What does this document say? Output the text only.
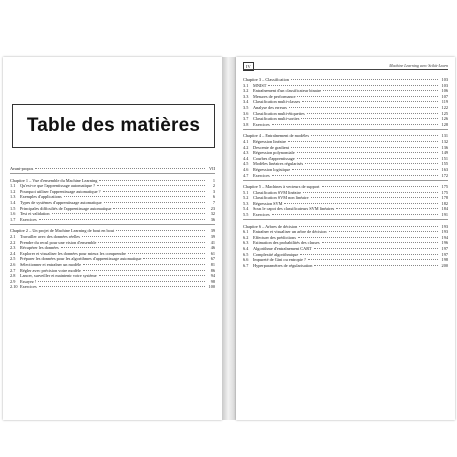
Table des matières
Avant-propos	VII
Chapitre 1 – Vue d'ensemble du Machine Learning	1
1.1	Qu'est-ce que l'apprentissage automatique ?	2
1.2	Pourquoi utiliser l'apprentissage automatique ?	3
1.3	Exemples d'applications	6
1.4	Types de systèmes d'apprentissage automatique	7
1.5	Principales difficultés de l'apprentissage automatique	23
1.6	Test et validation	32
1.7	Exercices	36
Chapitre 2 – Un projet de Machine Learning de bout en bout	39
2.1	Travailler avec des données réelles	39
2.2	Prendre du recul pour une vision d'ensemble	41
2.3	Récupérer les données	46
2.4	Explorer et visualiser les données pour mieux les comprendre	61
2.5	Préparer les données pour les algorithmes d'apprentissage automatique	67
2.6	Sélectionner et entraîner un modèle	81
2.7	Régler avec précision votre modèle	86
2.8	Lancer, surveiller et maintenir votre système	94
2.9	Essayez !	98
2.10 Exercices	100
IV	Machine Learning avec Scikit-Learn
Chapitre 3 – Classification	103
3.1	MNIST	103
3.2	Entraînement d'un classificateur binaire	106
3.3	Mesures de performance	107
3.4	Classification multi-classes	119
3.5	Analyse des erreurs	122
3.6	Classification multi-étiquettes	125
3.7	Classification multi-sorties	126
3.8	Exercices	128
Chapitre 4 – Entraînement de modèles	131
4.1	Régression linéaire	132
4.2	Descente de gradient	136
4.3	Régression polynomiale	149
4.4	Courbes d'apprentissage	151
4.5	Modèles linéaires régularisés	155
4.6	Régression logistique	163
4.7	Exercices	172
Chapitre 5 – Machines à vecteurs de support	175
5.1	Classification SVM linéaire	175
5.2	Classification SVM non linéaire	178
5.3	Régression SVM	182
5.4	Sous le capot des classificateurs SVM linéaires	184
5.5	Exercices	191
Chapitre 6 – Arbres de décision	193
6.1	Entraîner et visualiser un arbre de décision	193
6.2	Effectuer des prédictions	194
6.3	Estimation des probabilités des classes	196
6.4	Algorithme d'entraînement CART	197
6.5	Complexité algorithmique	197
6.6	Impureté de Gini ou entropie ?	198
6.7	Hyperparamètres de régularisation	200
